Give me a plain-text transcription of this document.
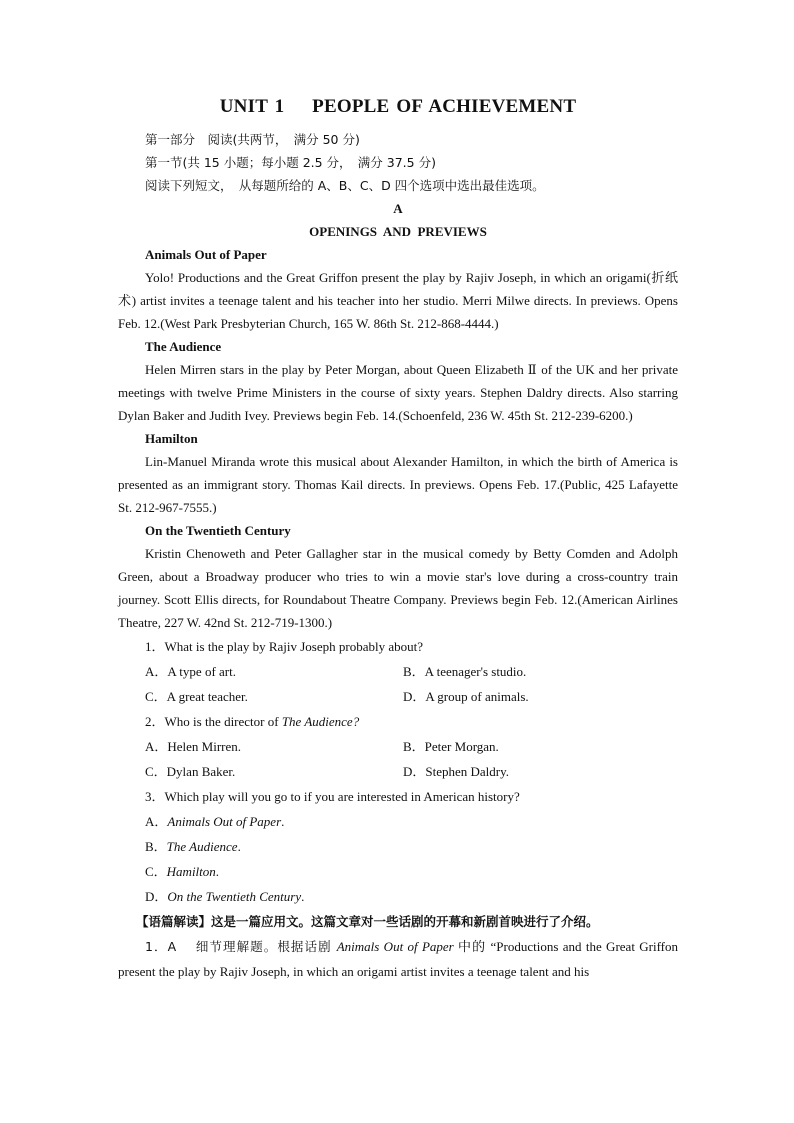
UNIT 1    PEOPLE OF ACHIEVEMENT

第一部分　阅读(共两节，　满分 50 分)

第一节(共 15 小题；每小题 2.5 分，　满分 37.5 分)

阅读下列短文，　从每题所给的 A、B、C、D 四个选项中选出最佳选项。

A

OPENINGS  AND  PREVIEWS

Animals Out of Paper

Yolo! Productions and the Great Griffon present the play by Rajiv Joseph, in which an origami(折纸术) artist invites a teenage talent and his teacher into her studio. Merri Milwe directs. In previews. Opens Feb. 12.(West Park Presbyterian Church, 165 W. 86th St. 212-868-4444.)

The Audience

Helen Mirren stars in the play by Peter Morgan, about Queen Elizabeth Ⅱ of the UK and her private meetings with twelve Prime Ministers in the course of sixty years. Stephen Daldry directs. Also starring Dylan Baker and Judith Ivey. Previews begin Feb. 14.(Schoenfeld, 236 W. 45th St. 212-239-6200.)

Hamilton

Lin-Manuel Miranda wrote this musical about Alexander Hamilton, in which the birth of America is presented as an immigrant story. Thomas Kail directs. In previews. Opens Feb. 17.(Public, 425 Lafayette St. 212-967-7555.)

On the Twentieth Century

Kristin Chenoweth and Peter Gallagher star in the musical comedy by Betty Comden and Adolph Green, about a Broadway producer who tries to win a movie star's love during a cross-country train journey. Scott Ellis directs, for Roundabout Theatre Company. Previews begin Feb. 12.(American Airlines Theatre, 227 W. 42nd St. 212-719-1300.)

1．What is the play by Rajiv Joseph probably about?

A．A type of art.	B．A teenager's studio.
C．A great teacher.	D．A group of animals.

2．Who is the director of The Audience?

A．Helen Mirren.	B．Peter Morgan.
C．Dylan Baker.	D．Stephen Daldry.

3．Which play will you go to if you are interested in American history?

A．Animals Out of Paper.

B．The Audience.

C．Hamilton.

D．On the Twentieth Century.

【语篇解读】这是一篇应用文。这篇文章对一些话剧的开幕和新剧首映进行了介绍。

1．A　 细节理解题。根据话剧 Animals Out of Paper 中的 “Productions and the Great Griffon present the play by Rajiv Joseph, in which an origami artist invites a teenage talent and his
